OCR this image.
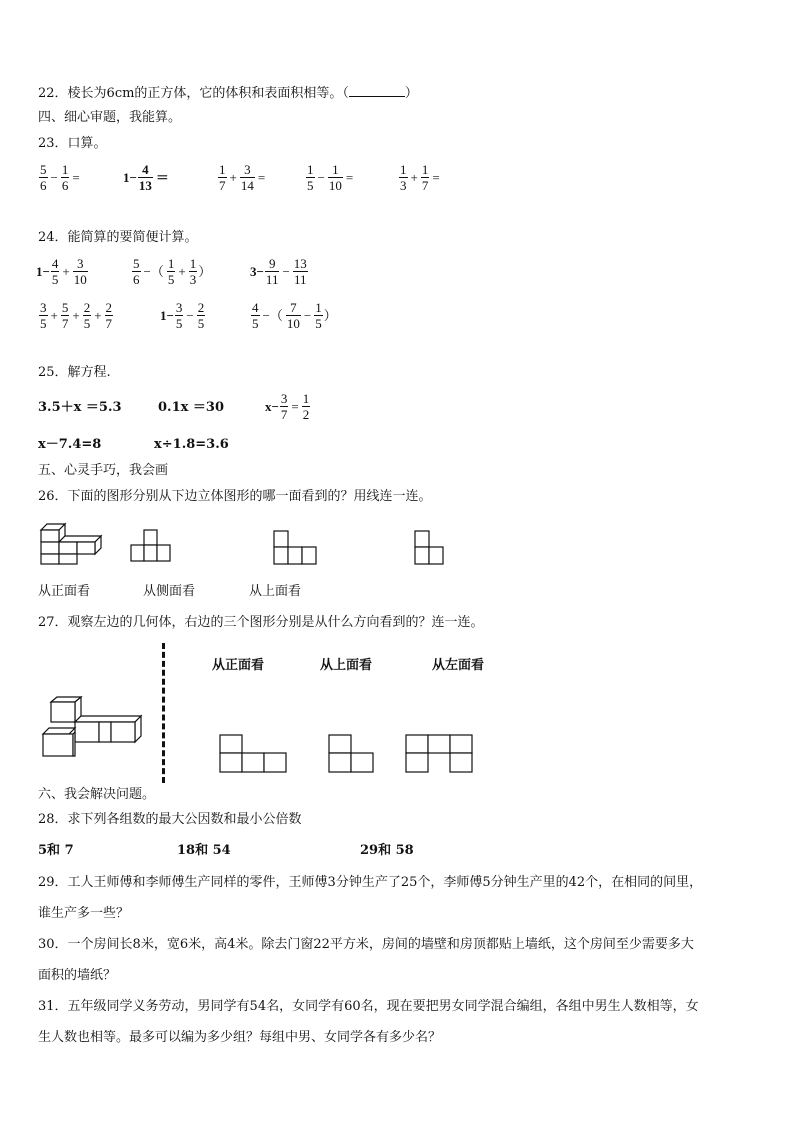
22．棱长为6cm的正方体，它的体积和表面积相等。（	）
四、细心审题，我能算。
23．口算。
$\frac{5}{6} - \frac{1}{6}$ =	$1- \frac{4}{13}$ ＝	$\frac{1}{7} + \frac{3}{14}$ =	$\frac{1}{5} - \frac{1}{10}$ =	$\frac{1}{3} + \frac{1}{7}$ =
24．能简算的要简便计算。
$1- \frac{4}{5} + \frac{3}{10}$	$\frac{5}{6}$ −（ $\frac{1}{5} + \frac{1}{3}$ ）	$3- \frac{9}{11} - \frac{13}{11}$
$\frac{3}{5} + \frac{5}{7} + \frac{2}{5} + \frac{2}{7}$	$1- \frac{3}{5} - \frac{2}{5}$	$\frac{4}{5}$ −（ $\frac{7}{10} - \frac{1}{5}$ ）
25．解方程.
3.5＋x ＝5.3	0.1x ＝30	$x- \frac{3}{7} = \frac{1}{2}$
x－7.4=8	x÷1.8=3.6
五、心灵手巧，我会画
26．下面的图形分别从下边立体图形的哪一面看到的？用线连一连。
从正面看	从侧面看	从上面看
27．观察左边的几何体，右边的三个图形分别是从什么方向看到的？连一连。
从正面看	从上面看	从左面看
六、我会解决问题。
28．求下列各组数的最大公因数和最小公倍数
5和 7	18和 54	29和 58
29．工人王师傅和李师傅生产同样的零件，王师傅3分钟生产了25个，李师傅5分钟生产里的42个，在相同的间里，
谁生产多一些？
30．一个房间长8米，宽6米，高4米。除去门窗22平方米，房间的墙壁和房顶都贴上墙纸，这个房间至少需要多大
面积的墙纸？
31．五年级同学义务劳动，男同学有54名，女同学有60名，现在要把男女同学混合编组，各组中男生人数相等，女
生人数也相等。最多可以编为多少组？每组中男、女同学各有多少名？
